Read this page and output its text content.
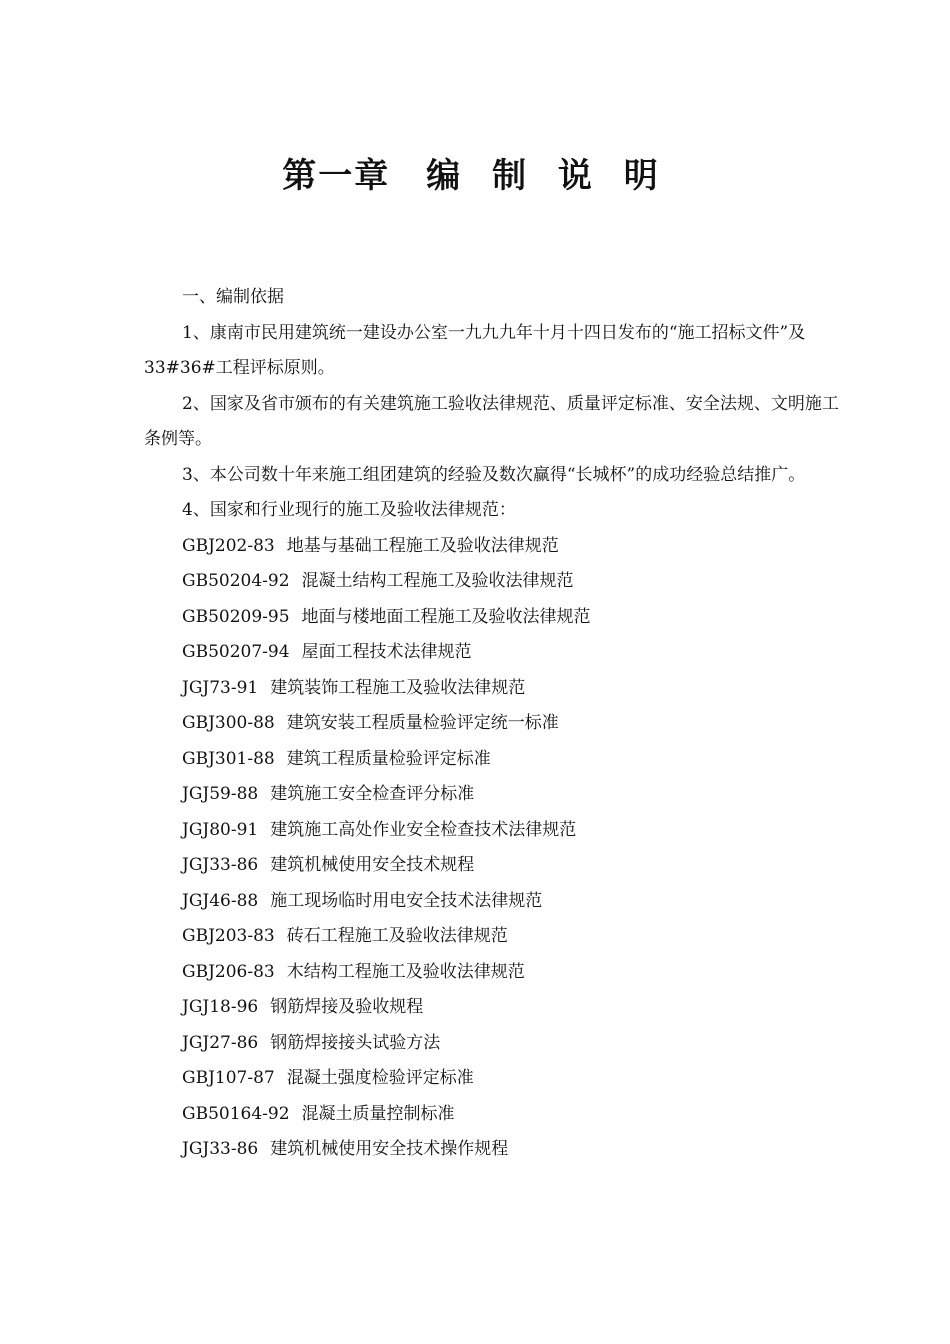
第一章 编 制 说 明

一、编制依据

1、康南市民用建筑统一建设办公室一九九九年十月十四日发布的“施工招标文件”及33#36#工程评标原则。

2、国家及省市颁布的有关建筑施工验收法律规范、质量评定标准、安全法规、文明施工条例等。

3、本公司数十年来施工组团建筑的经验及数次赢得“长城杯”的成功经验总结推广。

4、国家和行业现行的施工及验收法律规范：

GBJ202-83 地基与基础工程施工及验收法律规范
GB50204-92 混凝土结构工程施工及验收法律规范
GB50209-95 地面与楼地面工程施工及验收法律规范
GB50207-94 屋面工程技术法律规范
JGJ73-91 建筑装饰工程施工及验收法律规范
GBJ300-88 建筑安装工程质量检验评定统一标准
GBJ301-88 建筑工程质量检验评定标准
JGJ59-88 建筑施工安全检查评分标准
JGJ80-91 建筑施工高处作业安全检查技术法律规范
JGJ33-86 建筑机械使用安全技术规程
JGJ46-88 施工现场临时用电安全技术法律规范
GBJ203-83 砖石工程施工及验收法律规范
GBJ206-83 木结构工程施工及验收法律规范
JGJ18-96 钢筋焊接及验收规程
JGJ27-86 钢筋焊接接头试验方法
GBJ107-87 混凝土强度检验评定标准
GB50164-92 混凝土质量控制标准
JGJ33-86 建筑机械使用安全技术操作规程
